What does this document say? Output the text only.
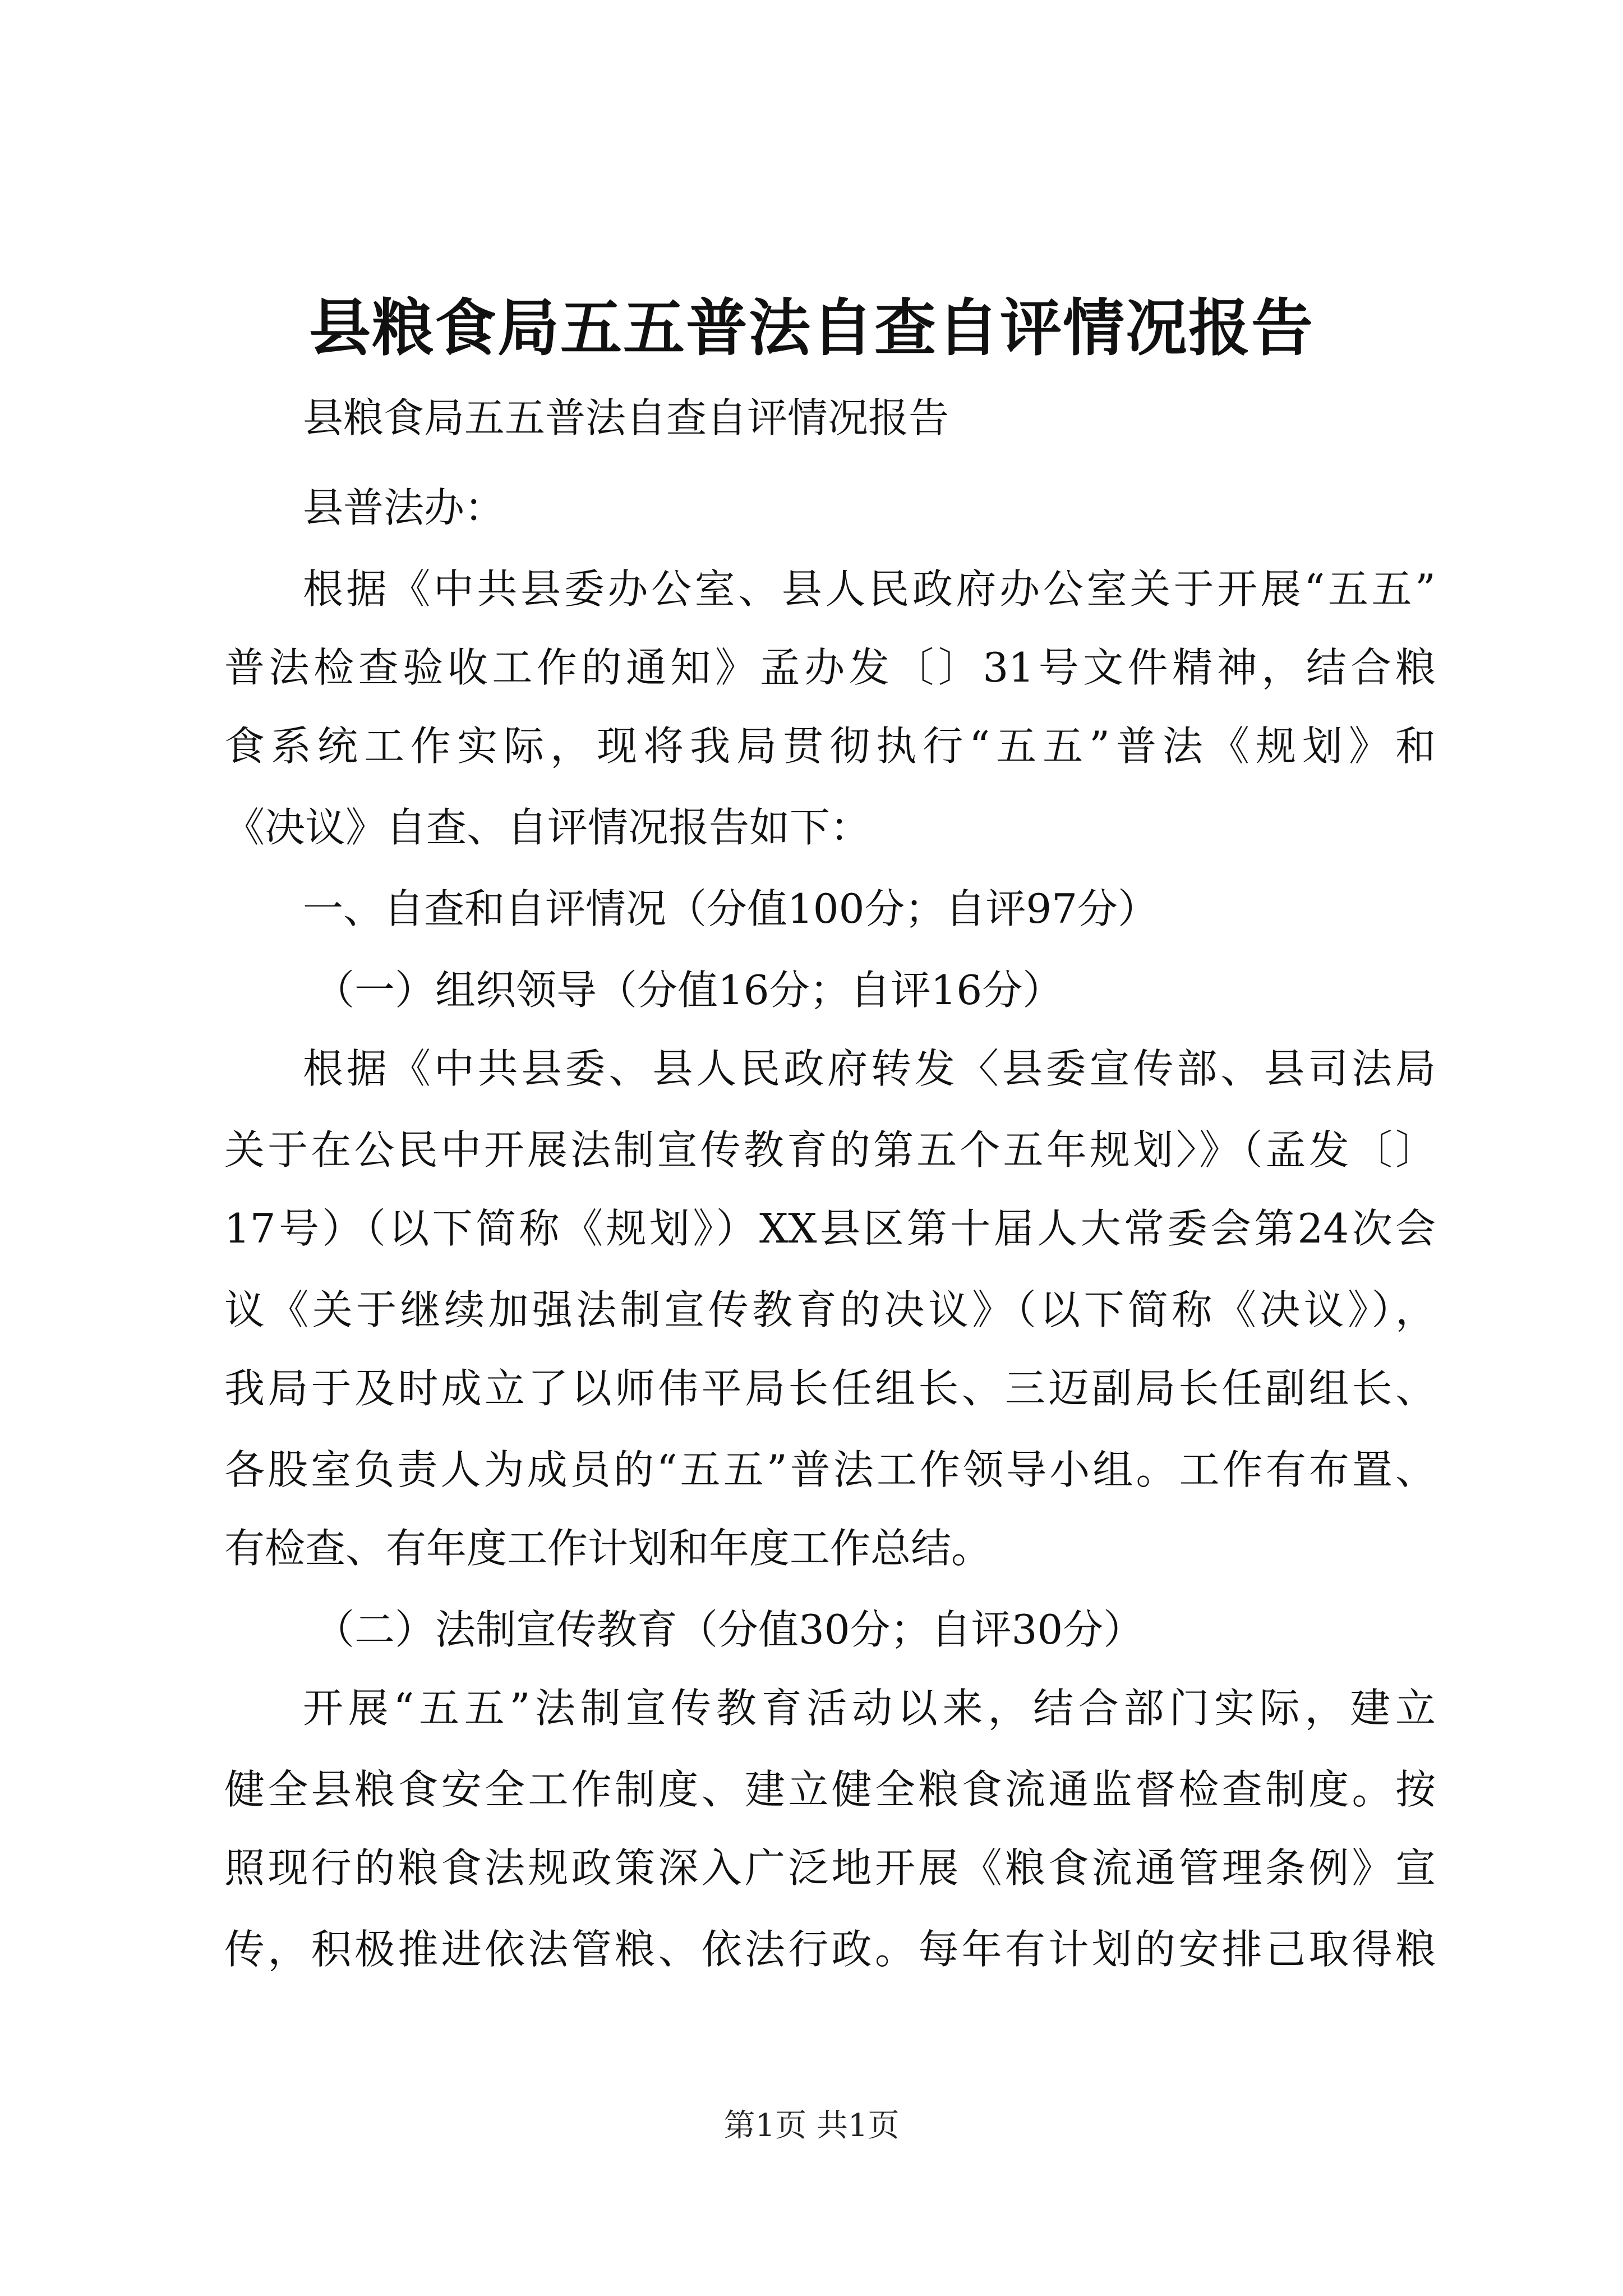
县粮食局五五普法自查自评情况报告
县粮食局五五普法自查自评情况报告
县普法办：
根据《中共县委办公室、县人民政府办公室关于开展“五五”
普法检查验收工作的通知》孟办发〔〕31号文件精神，结合粮
食系统工作实际，现将我局贯彻执行“五五”普法《规划》和
《决议》自查、自评情况报告如下：
一、自查和自评情况（分值100分；自评97分）
（一）组织领导（分值16分；自评16分）
根据《中共县委、县人民政府转发〈县委宣传部、县司法局
关于在公民中开展法制宣传教育的第五个五年规划〉》（孟发〔〕
17号）（以下简称《规划》）XX县区第十届人大常委会第24次会
议《关于继续加强法制宣传教育的决议》（以下简称《决议》），
我局于及时成立了以师伟平局长任组长、三迈副局长任副组长、
各股室负责人为成员的“五五”普法工作领导小组。工作有布置、
有检查、有年度工作计划和年度工作总结。
（二）法制宣传教育（分值30分；自评30分）
开展“五五”法制宣传教育活动以来，结合部门实际，建立
健全县粮食安全工作制度、建立健全粮食流通监督检查制度。按
照现行的粮食法规政策深入广泛地开展《粮食流通管理条例》宣
传，积极推进依法管粮、依法行政。每年有计划的安排己取得粮
第1页 共1页
